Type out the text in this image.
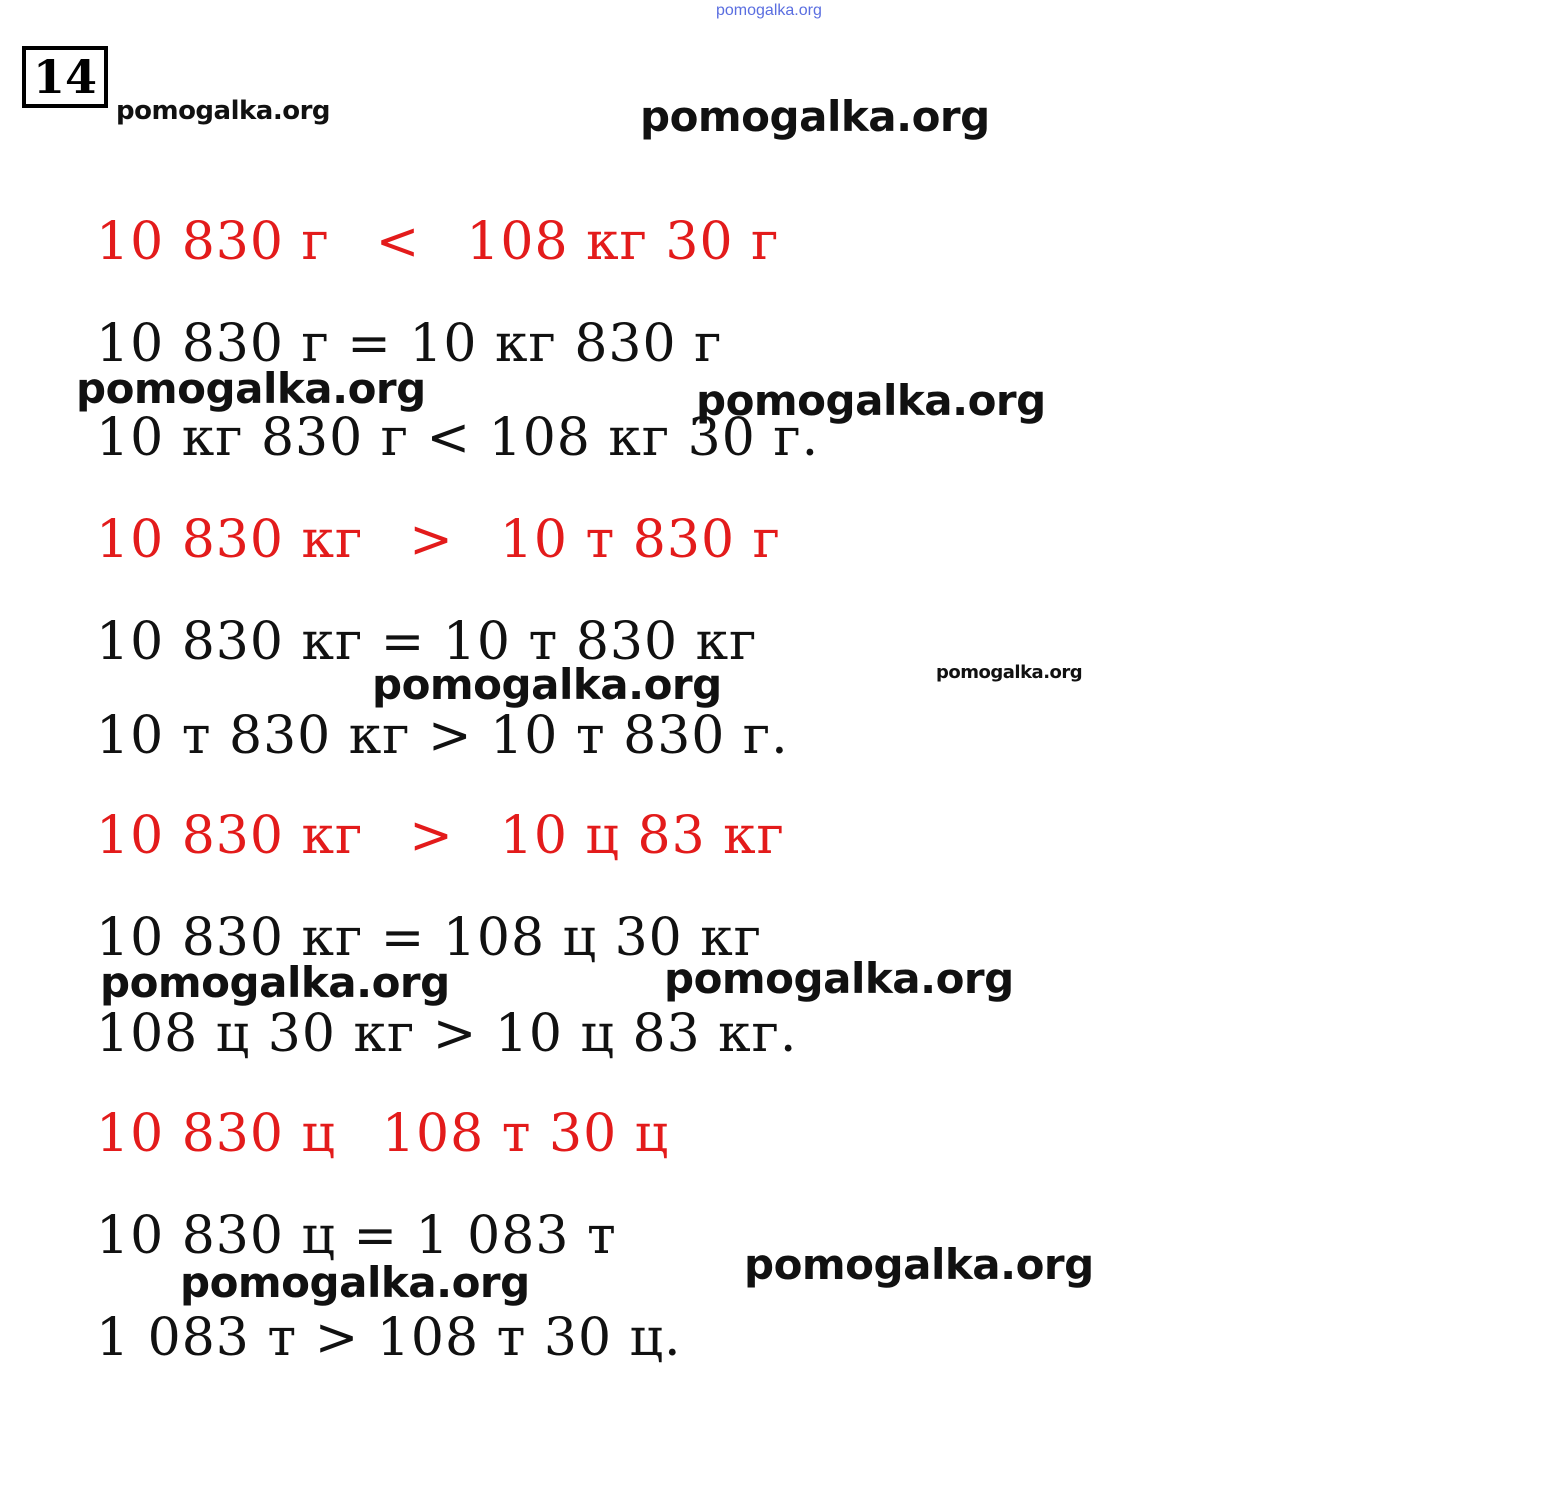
pomogalka.org
14
pomogalka.org	pomogalka.org
10 830 г < 108 кг 30 г
10 830 г = 10 кг 830 г
pomogalka.org	pomogalka.org
10 кг 830 г < 108 кг 30 г.
10 830 кг > 10 т 830 г
10 830 кг = 10 т 830 кг
pomogalka.org	pomogalka.org
10 т 830 кг > 10 т 830 г.
10 830 кг > 10 ц 83 кг
10 830 кг = 108 ц 30 кг
pomogalka.org	pomogalka.org
108 ц 30 кг > 10 ц 83 кг.
10 830 ц 108 т 30 ц
10 830 ц = 1 083 т
pomogalka.org	pomogalka.org
1 083 т > 108 т 30 ц.
